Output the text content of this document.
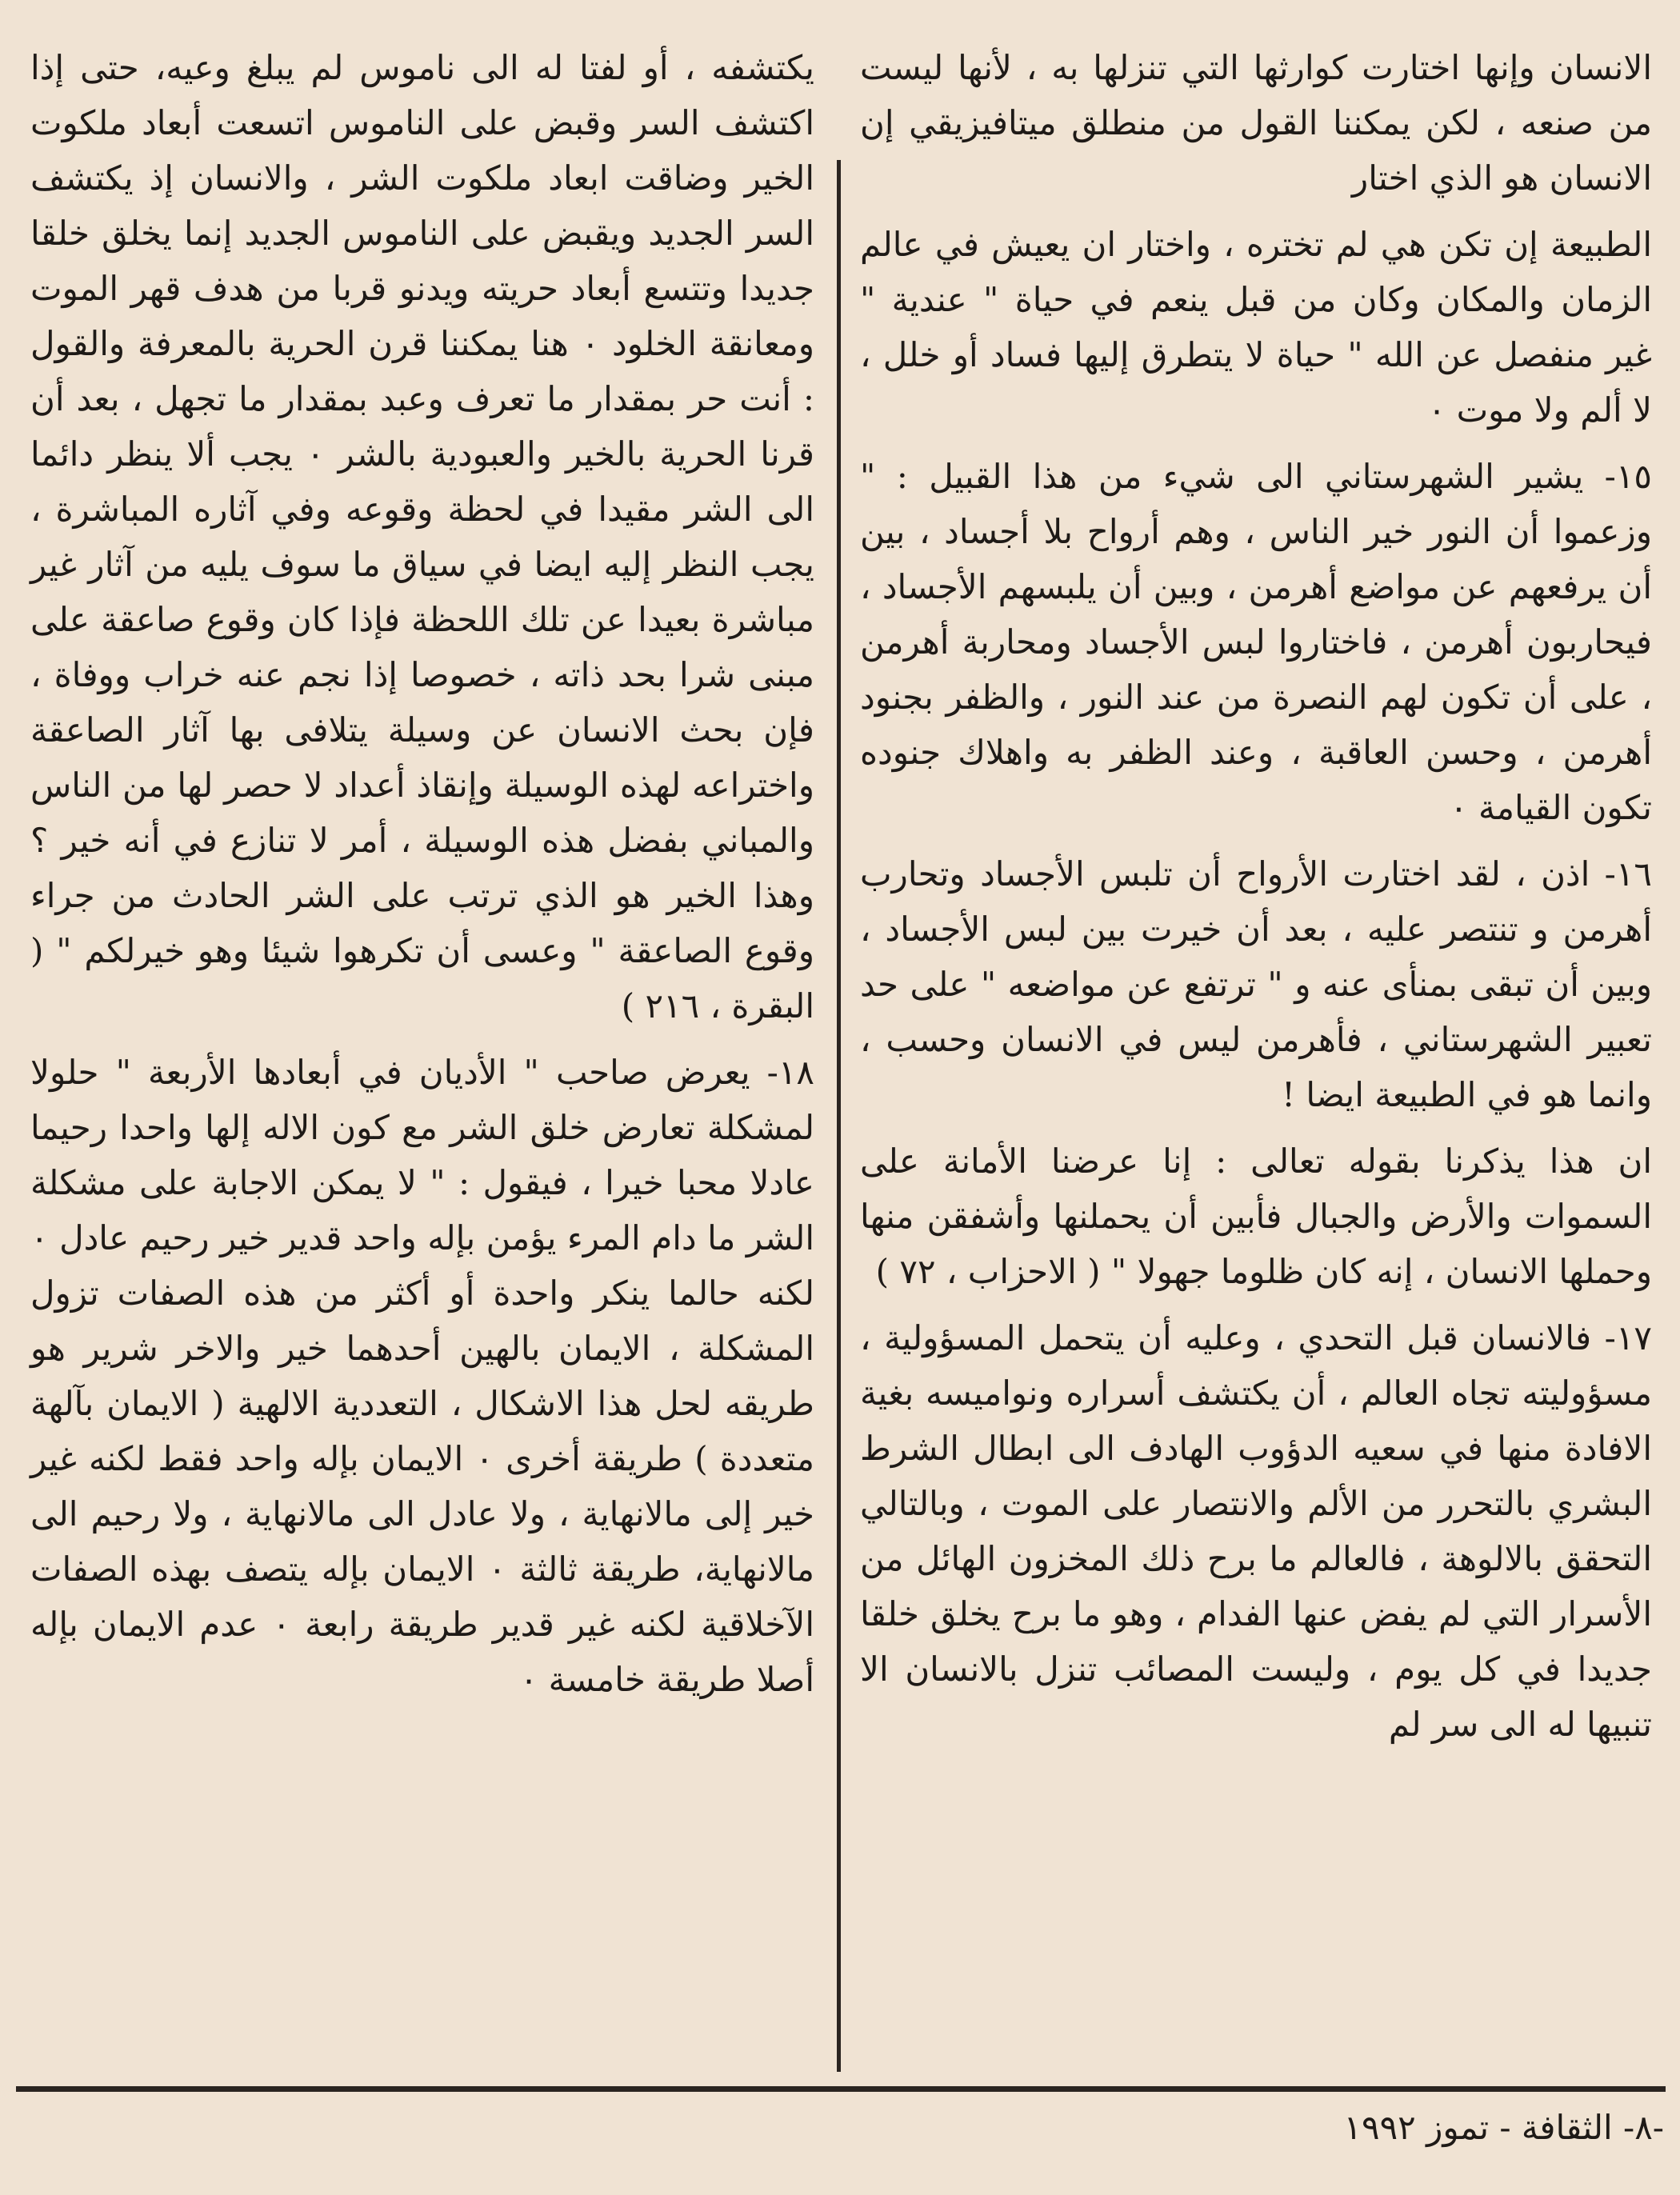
الانسان وإنها اختارت كوارثها التي تنزلها به ، لأنها ليست من صنعه ، لكن يمكننا القول من منطلق ميتافيزيقي إن الانسان هو الذي اختار

الطبيعة إن تكن هي لم تختره ، واختار ان يعيش في عالم الزمان والمكان وكان من قبل ينعم في حياة " عندية " غير منفصل عن الله " حياة لا يتطرق إليها فساد أو خلل ، لا ألم ولا موت ٠

١٥- يشير الشهرستاني الى شيء من هذا القبيل : " وزعموا أن النور خير الناس ، وهم أرواح بلا أجساد ، بين أن يرفعهم عن مواضع أهرمن ، وبين أن يلبسهم الأجساد ، فيحاربون أهرمن ، فاختاروا لبس الأجساد ومحاربة أهرمن ، على أن تكون لهم النصرة من عند النور ، والظفر بجنود أهرمن ، وحسن العاقبة ، وعند الظفر به واهلاك جنوده تكون القيامة ٠

١٦- اذن ، لقد اختارت الأرواح أن تلبس الأجساد وتحارب أهرمن و تنتصر عليه ، بعد أن خيرت بين لبس الأجساد ، وبين أن تبقى بمنأى عنه و " ترتفع عن مواضعه " على حد تعبير الشهرستاني ، فأهرمن ليس في الانسان وحسب ، وانما هو في الطبيعة ايضا !

ان هذا يذكرنا بقوله تعالى : إنا عرضنا الأمانة على السموات والأرض والجبال فأبين أن يحملنها وأشفقن منها وحملها الانسان ، إنه كان ظلوما جهولا " ( الاحزاب ، ٧٢ )

١٧- فالانسان قبل التحدي ، وعليه أن يتحمل المسؤولية ، مسؤوليته تجاه العالم ، أن يكتشف أسراره ونواميسه بغية الافادة منها في سعيه الدؤوب الهادف الى ابطال الشرط البشري بالتحرر من الألم والانتصار على الموت ، وبالتالي التحقق بالالوهة ، فالعالم ما برح ذلك المخزون الهائل من الأسرار التي لم يفض عنها الفدام ، وهو ما برح يخلق خلقا جديدا في كل يوم ، وليست المصائب تنزل بالانسان الا تنبيها له الى سر لم

يكتشفه ، أو لفتا له الى ناموس لم يبلغ وعيه، حتى إذا اكتشف السر وقبض على الناموس اتسعت أبعاد ملكوت الخير وضاقت ابعاد ملكوت الشر ، والانسان إذ يكتشف السر الجديد ويقبض على الناموس الجديد إنما يخلق خلقا جديدا وتتسع أبعاد حريته ويدنو قربا من هدف قهر الموت ومعانقة الخلود ٠ هنا يمكننا قرن الحرية بالمعرفة والقول : أنت حر بمقدار ما تعرف وعبد بمقدار ما تجهل ، بعد أن قرنا الحرية بالخير والعبودية بالشر ٠ يجب ألا ينظر دائما الى الشر مقيدا في لحظة وقوعه وفي آثاره المباشرة ، يجب النظر إليه ايضا في سياق ما سوف يليه من آثار غير مباشرة بعيدا عن تلك اللحظة فإذا كان وقوع صاعقة على مبنى شرا بحد ذاته ، خصوصا إذا نجم عنه خراب ووفاة ، فإن بحث الانسان عن وسيلة يتلافى بها آثار الصاعقة واختراعه لهذه الوسيلة وإنقاذ أعداد لا حصر لها من الناس والمباني بفضل هذه الوسيلة ، أمر لا تنازع في أنه خير ؟ وهذا الخير هو الذي ترتب على الشر الحادث من جراء وقوع الصاعقة " وعسى أن تكرهوا شيئا وهو خيرلكم " ( البقرة ، ٢١٦ )

١٨- يعرض صاحب " الأديان في أبعادها الأربعة " حلولا لمشكلة تعارض خلق الشر مع كون الاله إلها واحدا رحيما عادلا محبا خيرا ، فيقول : " لا يمكن الاجابة على مشكلة الشر ما دام المرء يؤمن بإله واحد قدير خير رحيم عادل ٠ لكنه حالما ينكر واحدة أو أكثر من هذه الصفات تزول المشكلة ، الايمان بالهين أحدهما خير والاخر شرير هو طريقه لحل هذا الاشكال ، التعددية الالهية ( الايمان بآلهة متعددة ) طريقة أخرى ٠ الايمان بإله واحد فقط لكنه غير خير إلى مالانهاية ، ولا عادل الى مالانهاية ، ولا رحيم الى مالانهاية، طريقة ثالثة ٠ الايمان بإله يتصف بهذه الصفات الآخلاقية لكنه غير قدير طريقة رابعة ٠ عدم الايمان بإله أصلا طريقة خامسة ٠

-٨- الثقافة - تموز ١٩٩٢
